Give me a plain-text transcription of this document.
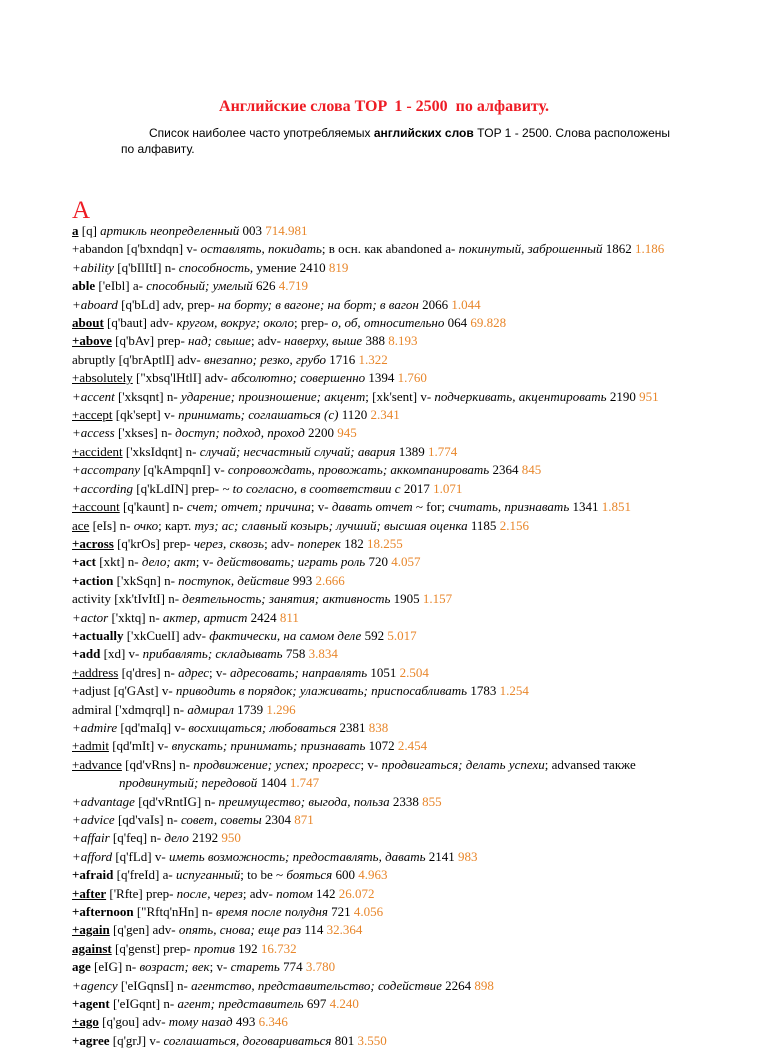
Английские слова TOP  1 - 2500  по алфавиту.
Список наиболее часто употребляемых английских слов TOP 1 - 2500. Слова расположены по алфавиту.
A
a [q] артикль неопределенный 003 714.981
+abandon [q'bxndqn] v- оставлять, покидать; в осн. как abandoned a- покинутый, заброшенный 1862 1.186
+ability [q'bIlItI] n- способность, умение 2410 819
able ['eIbl] a- способный; умелый 626 4.719
+aboard [q'bLd] adv, prep- на борту; в вагоне; на борт; в вагон 2066 1.044
about [q'baut] adv- кругом, вокруг; около; prep- о, об, относительно 064 69.828
+above [q'bAv] prep- над; свыше; adv- наверху, выше 388 8.193
abruptly [q'brAptlI] adv- внезапно; резко, грубо 1716 1.322
+absolutely ["xbsq'lHtlI] adv- абсолютно; совершенно 1394 1.760
+accent ['xksqnt] n- ударение; произношение; акцент; [xk'sent] v- подчеркивать, акцентировать 2190 951
+accept [qk'sept] v- принимать; соглашаться (с) 1120 2.341
+access ['xkses] n- доступ; подход, проход 2200 945
+accident ['xksIdqnt] n- случай; несчастный случай; авария 1389 1.774
+accompany [q'kAmpqnI] v- сопровождать, провожать; аккомпанировать 2364 845
+according [q'kLdIN] prep- ~ to согласно, в соответствии с 2017 1.071
+account [q'kaunt] n- счет; отчет; причина; v- давать отчет ~ for; считать, признавать 1341 1.851
ace [eIs] n- очко; карт. туз; ас; славный козырь; лучший; высшая оценка 1185 2.156
+across [q'krOs] prep- через, сквозь; adv- поперек 182 18.255
+act [xkt] n- дело; акт; v- действовать; играть роль 720 4.057
+action ['xkSqn] n- поступок, действие 993 2.666
activity [xk'tIvItI] n- деятельность; занятия; активность 1905 1.157
+actor ['xktq] n- актер, артист 2424 811
+actually ['xkCuelI] adv- фактически, на самом деле 592 5.017
+add [xd] v- прибавлять; складывать 758 3.834
+address [q'dres] n- адрес; v- адресовать; направлять 1051 2.504
+adjust [q'GAst] v- приводить в порядок; улаживать; приспосабливать 1783 1.254
admiral ['xdmqrql] n- адмирал 1739 1.296
+admire [qd'maIq] v- восхищаться; любоваться 2381 838
+admit [qd'mIt] v- впускать; принимать; признавать 1072 2.454
+advance [qd'vRns] n- продвижение; успех; прогресс; v- продвигаться; делать успехи; advansed также продвинутый; передовой 1404 1.747
+advantage [qd'vRntIG] n- преимущество; выгода, польза 2338 855
+advice [qd'vaIs] n- совет, советы 2304 871
+affair [q'feq] n- дело 2192 950
+afford [q'fLd] v- иметь возможность; предоставлять, давать 2141 983
+afraid [q'freId] a- испуганный; to be ~ бояться 600 4.963
+after ['Rfte] prep- после, через; adv- потом 142 26.072
+afternoon ["Rftq'nHn] n- время после полудня 721 4.056
+again [q'gen] adv- опять, снова; еще раз 114 32.364
against [q'genst] prep- против 192 16.732
age [eIG] n- возраст; век; v- стареть 774 3.780
+agency ['eIGqnsI] n- агентство, представительство; содействие 2264 898
+agent ['eIGqnt] n- агент; представитель 697 4.240
+ago [q'gou] adv- тому назад 493 6.346
+agree [q'grJ] v- соглашаться, договариваться 801 3.550
